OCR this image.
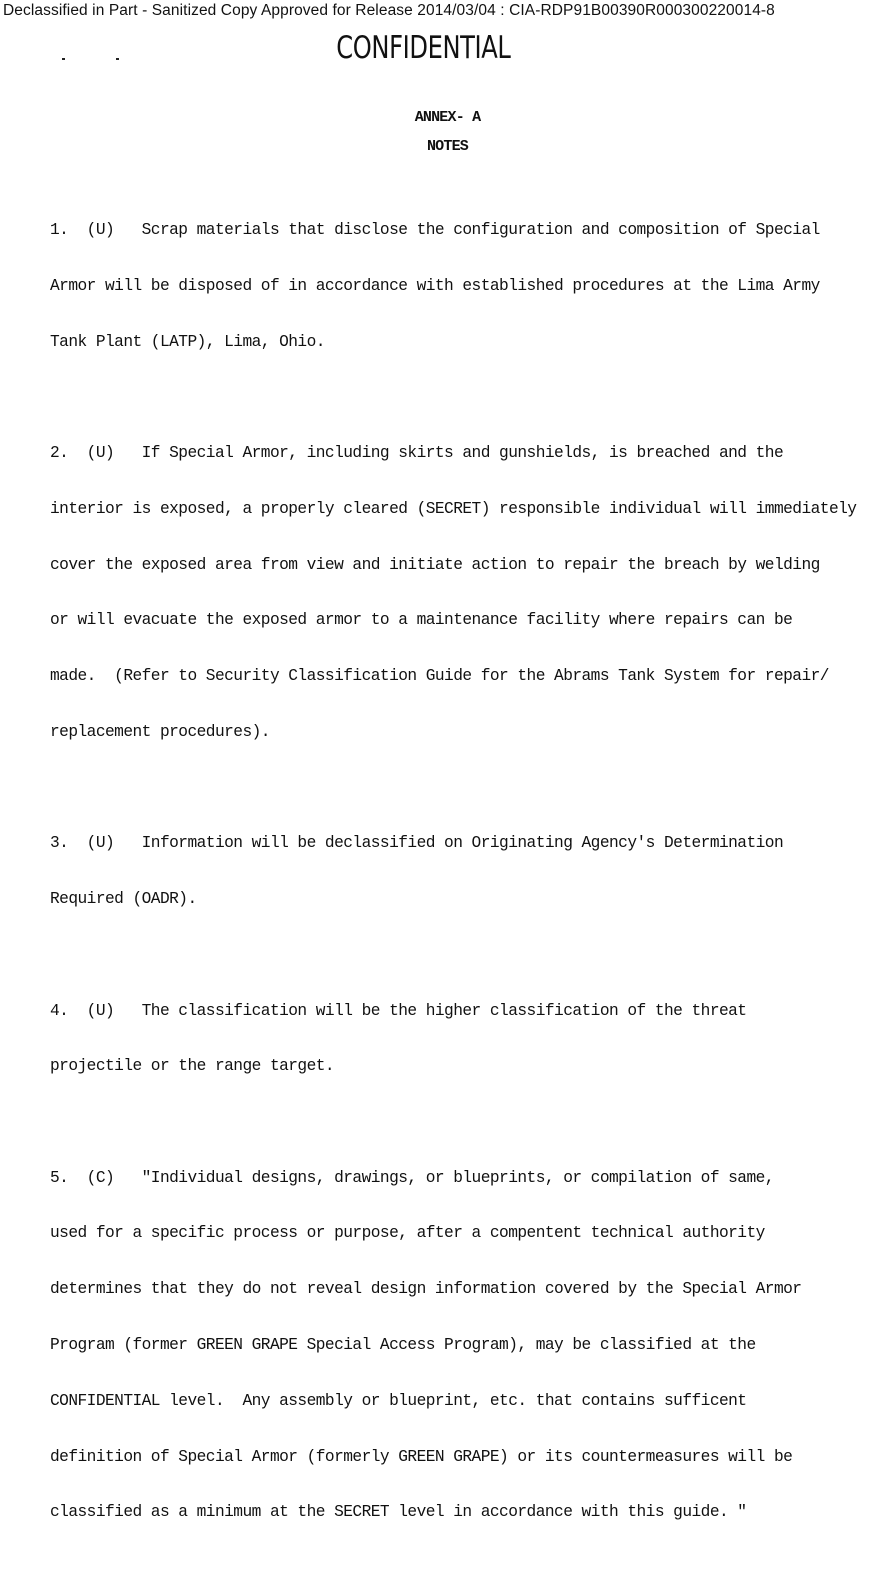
Declassified in Part - Sanitized Copy Approved for Release 2014/03/04 : CIA-RDP91B00390R000300220014-8
CONFIDENTIAL
ANNEX- A
NOTES

1.  (U)   Scrap materials that disclose the configuration and composition of Special

Armor will be disposed of in accordance with established procedures at the Lima Army

Tank Plant (LATP), Lima, Ohio.

2.  (U)   If Special Armor, including skirts and gunshields, is breached and the

interior is exposed, a properly cleared (SECRET) responsible individual will immediately

cover the exposed area from view and initiate action to repair the breach by welding

or will evacuate the exposed armor to a maintenance facility where repairs can be

made.  (Refer to Security Classification Guide for the Abrams Tank System for repair/

replacement procedures).

3.  (U)   Information will be declassified on Originating Agency's Determination

Required (OADR).

4.  (U)   The classification will be the higher classification of the threat

projectile or the range target.

5.  (C)   "Individual designs, drawings, or blueprints, or compilation of same,

used for a specific process or purpose, after a compentent technical authority

determines that they do not reveal design information covered by the Special Armor

Program (former GREEN GRAPE Special Access Program), may be classified at the

CONFIDENTIAL level.  Any assembly or blueprint, etc. that contains sufficent

definition of Special Armor (formerly GREEN GRAPE) or its countermeasures will be

classified as a minimum at the SECRET level in accordance with this guide. "
